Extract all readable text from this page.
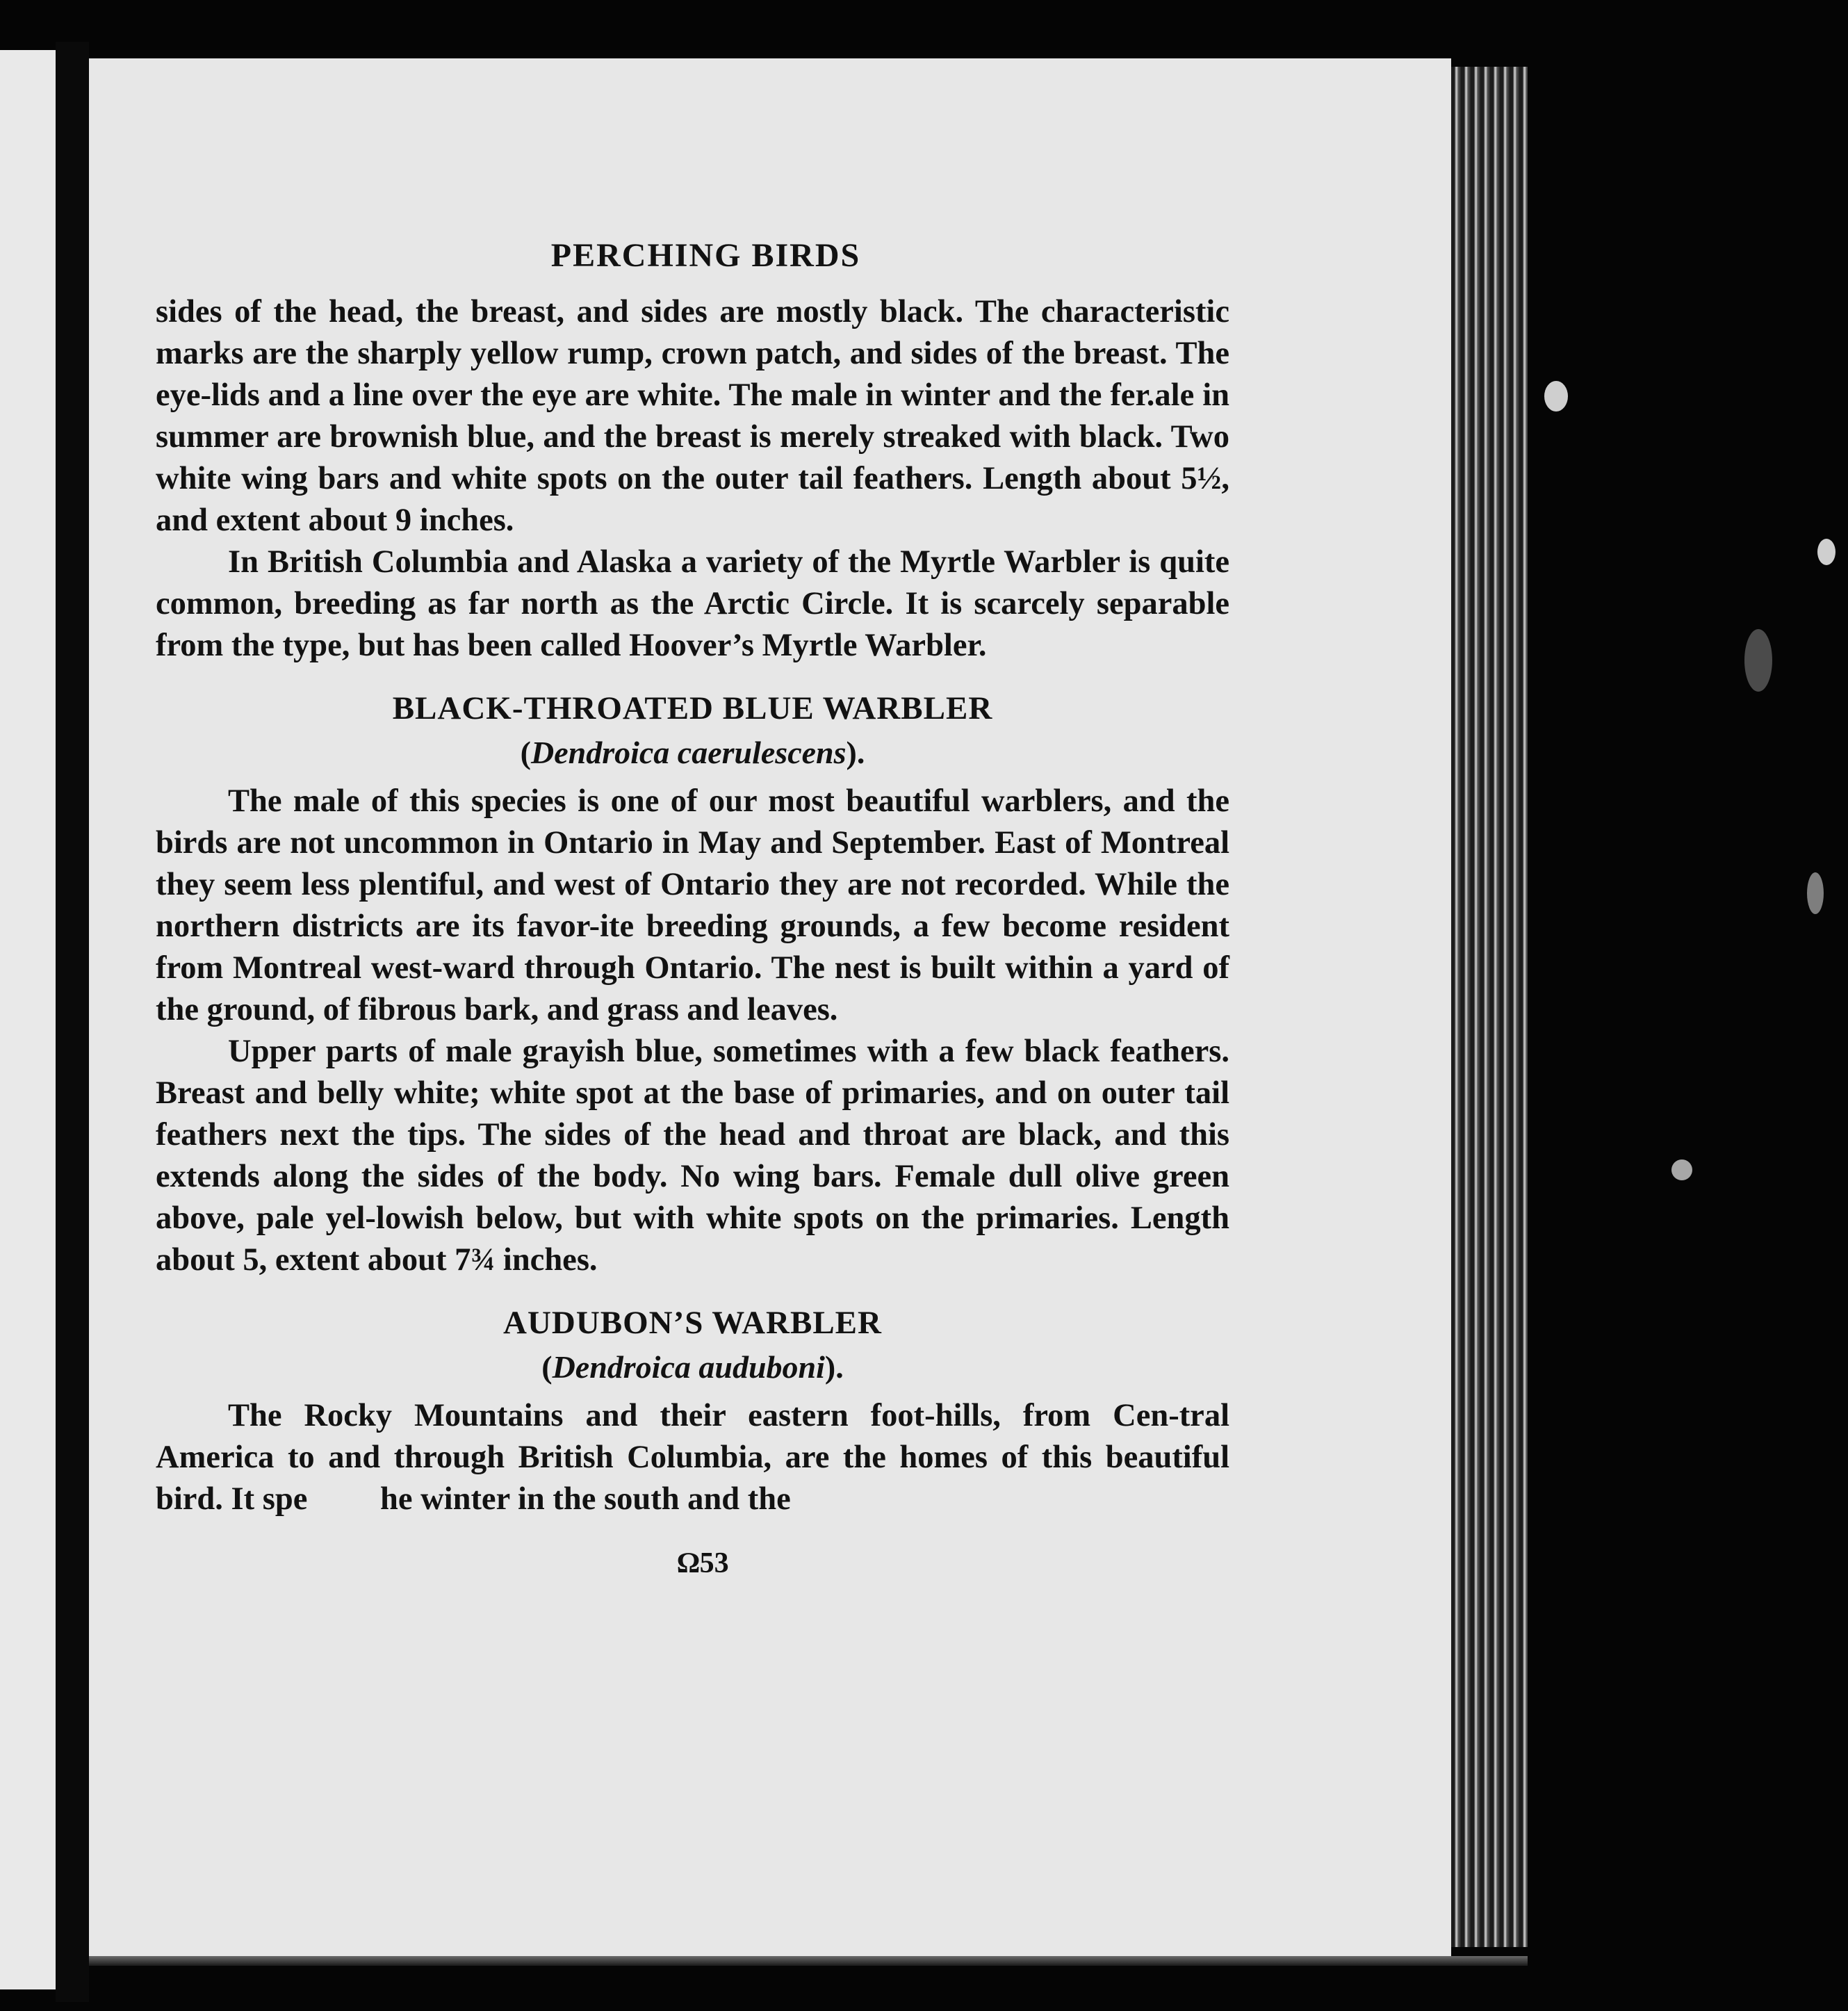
PERCHING BIRDS

sides of the head, the breast, and sides are mostly black. The characteristic marks are the sharply yellow rump, crown patch, and sides of the breast. The eye-lids and a line over the eye are white. The male in winter and the fer.ale in summer are brownish blue, and the breast is merely streaked with black. Two white wing bars and white spots on the outer tail feathers. Length about 5½, and extent about 9 inches.

In British Columbia and Alaska a variety of the Myrtle Warbler is quite common, breeding as far north as the Arctic Circle. It is scarcely separable from the type, but has been called Hoover’s Myrtle Warbler.

BLACK-THROATED BLUE WARBLER
(Dendroica caerulescens).

The male of this species is one of our most beautiful warblers, and the birds are not uncommon in Ontario in May and September. East of Montreal they seem less plentiful, and west of Ontario they are not recorded. While the northern districts are its favor-ite breeding grounds, a few become resident from Montreal west-ward through Ontario. The nest is built within a yard of the ground, of fibrous bark, and grass and leaves.

Upper parts of male grayish blue, sometimes with a few black feathers. Breast and belly white; white spot at the base of primaries, and on outer tail feathers next the tips. The sides of the head and throat are black, and this extends along the sides of the body. No wing bars. Female dull olive green above, pale yel-lowish below, but with white spots on the primaries. Length about 5, extent about 7¾ inches.

AUDUBON’S WARBLER
(Dendroica auduboni).

The Rocky Mountains and their eastern foot-hills, from Cen-tral America to and through British Columbia, are the homes of this beautiful bird. It spe   he winter in the south and the

Ω53
